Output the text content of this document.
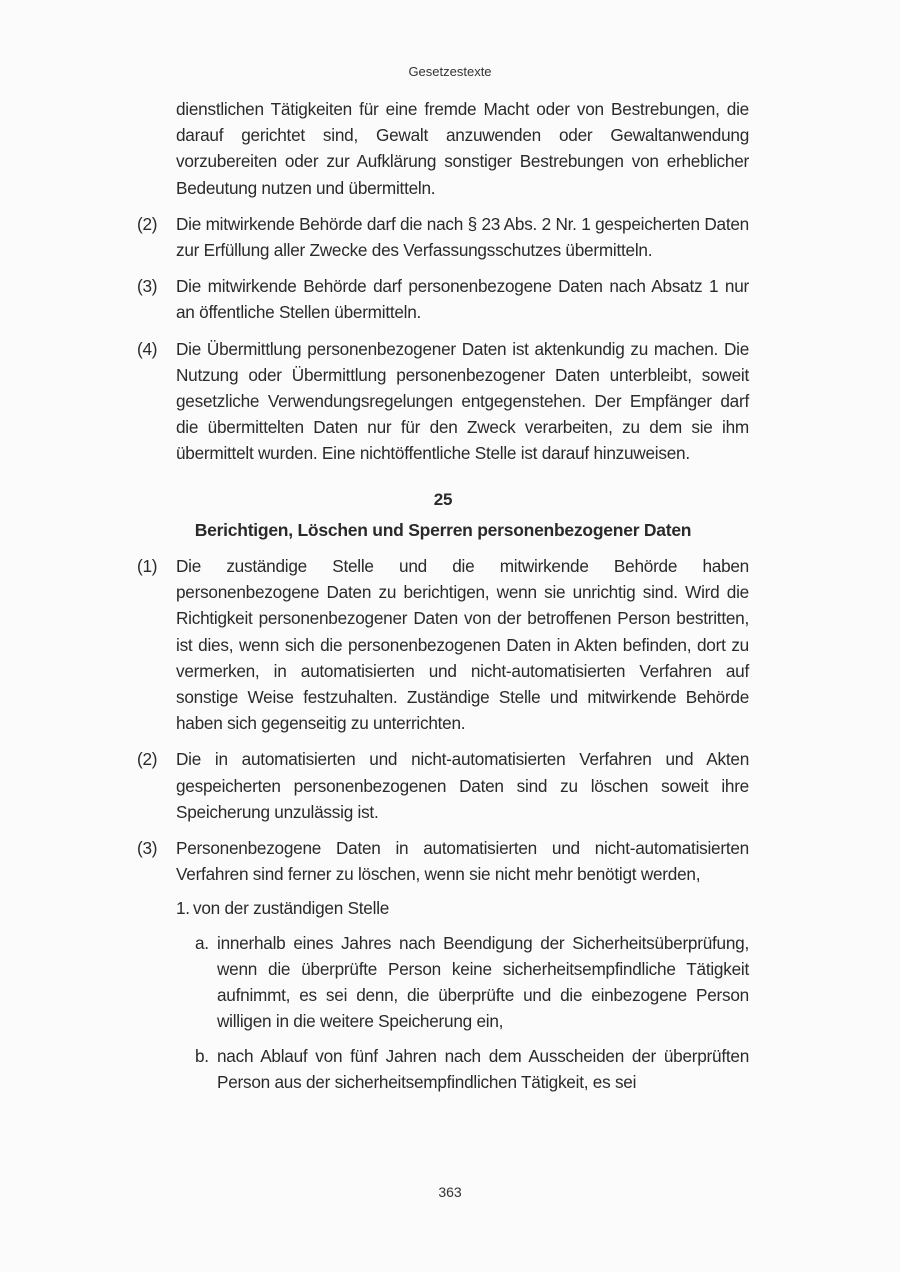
Gesetzestexte

dienstlichen Tätigkeiten für eine fremde Macht oder von Bestrebungen, die darauf gerichtet sind, Gewalt anzuwenden oder Gewaltanwendung vorzubereiten oder zur Aufklärung sonstiger Bestrebungen von erheblicher Bedeutung nutzen und übermitteln.

(2) Die mitwirkende Behörde darf die nach § 23 Abs. 2 Nr. 1 gespeicherten Daten zur Erfüllung aller Zwecke des Verfassungsschutzes übermitteln.
(3) Die mitwirkende Behörde darf personenbezogene Daten nach Absatz 1 nur an öffentliche Stellen übermitteln.
(4) Die Übermittlung personenbezogener Daten ist aktenkundig zu machen. Die Nutzung oder Übermittlung personenbezogener Daten unterbleibt, soweit gesetzliche Verwendungsregelungen entgegenstehen. Der Empfänger darf die übermittelten Daten nur für den Zweck verarbeiten, zu dem sie ihm übermittelt wurden. Eine nichtöffentliche Stelle ist darauf hinzuweisen.
25
Berichtigen, Löschen und Sperren personenbezogener Daten
(1) Die zuständige Stelle und die mitwirkende Behörde haben personenbezogene Daten zu berichtigen, wenn sie unrichtig sind. Wird die Richtigkeit personenbezogener Daten von der betroffenen Person bestritten, ist dies, wenn sich die personenbezogenen Daten in Akten befinden, dort zu vermerken, in automatisierten und nicht-automatisierten Verfahren auf sonstige Weise festzuhalten. Zuständige Stelle und mitwirkende Behörde haben sich gegenseitig zu unterrichten.
(2) Die in automatisierten und nicht-automatisierten Verfahren und Akten gespeicherten personenbezogenen Daten sind zu löschen soweit ihre Speicherung unzulässig ist.
(3) Personenbezogene Daten in automatisierten und nicht-automatisierten Verfahren sind ferner zu löschen, wenn sie nicht mehr benötigt werden,
1. von der zuständigen Stelle
a. innerhalb eines Jahres nach Beendigung der Sicherheitsüberprüfung, wenn die überprüfte Person keine sicherheitsempfindliche Tätigkeit aufnimmt, es sei denn, die überprüfte und die einbezogene Person willigen in die weitere Speicherung ein,
b. nach Ablauf von fünf Jahren nach dem Ausscheiden der überprüften Person aus der sicherheitsempfindlichen Tätigkeit, es sei
363
